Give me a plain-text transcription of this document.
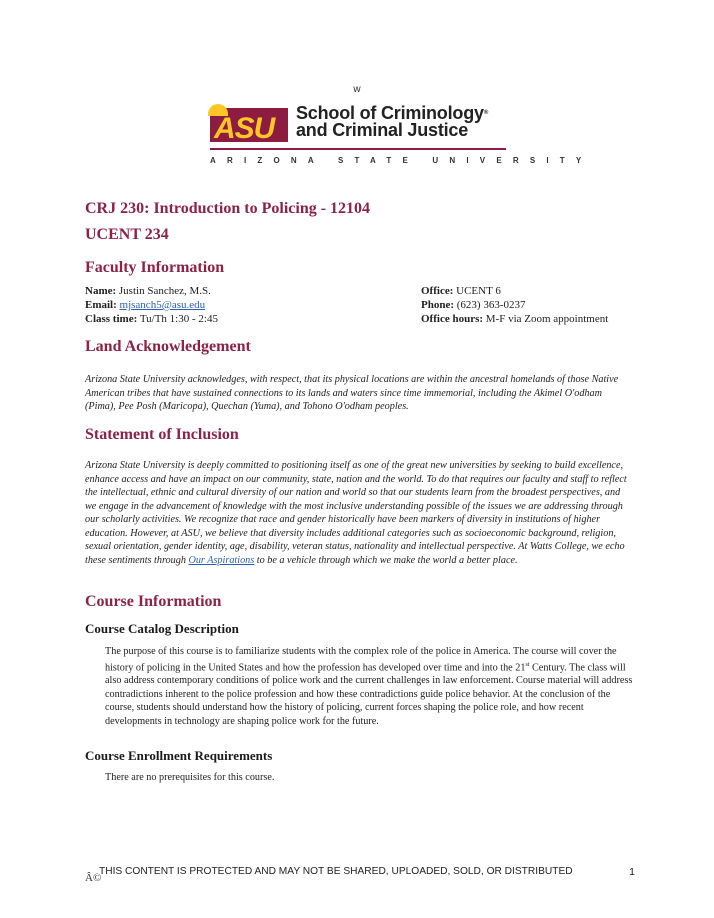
w
ASU School of Criminology®
and Criminal Justice
ARIZONA STATE UNIVERSITY
CRJ 230: Introduction to Policing - 12104
UCENT 234
Faculty Information
Name: Justin Sanchez, M.S.	Office: UCENT 6
Email: mjsanch5@asu.edu	Phone: (623) 363-0237
Class time: Tu/Th 1:30 - 2:45	Office hours: M-F via Zoom appointment
Land Acknowledgement

Arizona State University acknowledges, with respect, that its physical locations are within the ancestral homelands of those Native American tribes that have sustained connections to its lands and waters since time immemorial, including the Akimel O'odham (Pima), Pee Posh (Maricopa), Quechan (Yuma), and Tohono O'odham peoples.

Statement of Inclusion

Arizona State University is deeply committed to positioning itself as one of the great new universities by seeking to build excellence, enhance access and have an impact on our community, state, nation and the world. To do that requires our faculty and staff to reflect the intellectual, ethnic and cultural diversity of our nation and world so that our students learn from the broadest perspectives, and we engage in the advancement of knowledge with the most inclusive understanding possible of the issues we are addressing through our scholarly activities. We recognize that race and gender historically have been markers of diversity in institutions of higher education. However, at ASU, we believe that diversity includes additional categories such as socioeconomic background, religion, sexual orientation, gender identity, age, disability, veteran status, nationality and intellectual perspective. At Watts College, we echo these sentiments through Our Aspirations to be a vehicle through which we make the world a better place.

Course Information
Course Catalog Description

The purpose of this course is to familiarize students with the complex role of the police in America. The course will cover the history of policing in the United States and how the profession has developed over time and into the 21st Century. The class will also address contemporary conditions of police work and the current challenges in law enforcement. Course material will address contradictions inherent to the police profession and how these contradictions guide police behavior. At the conclusion of the course, students should understand how the history of policing, current forces shaping the police role, and how recent developments in technology are shaping police work for the future.

Course Enrollment Requirements

There are no prerequisites for this course.

Â©
THIS CONTENT IS PROTECTED AND MAY NOT BE SHARED, UPLOADED, SOLD, OR DISTRIBUTED	1
